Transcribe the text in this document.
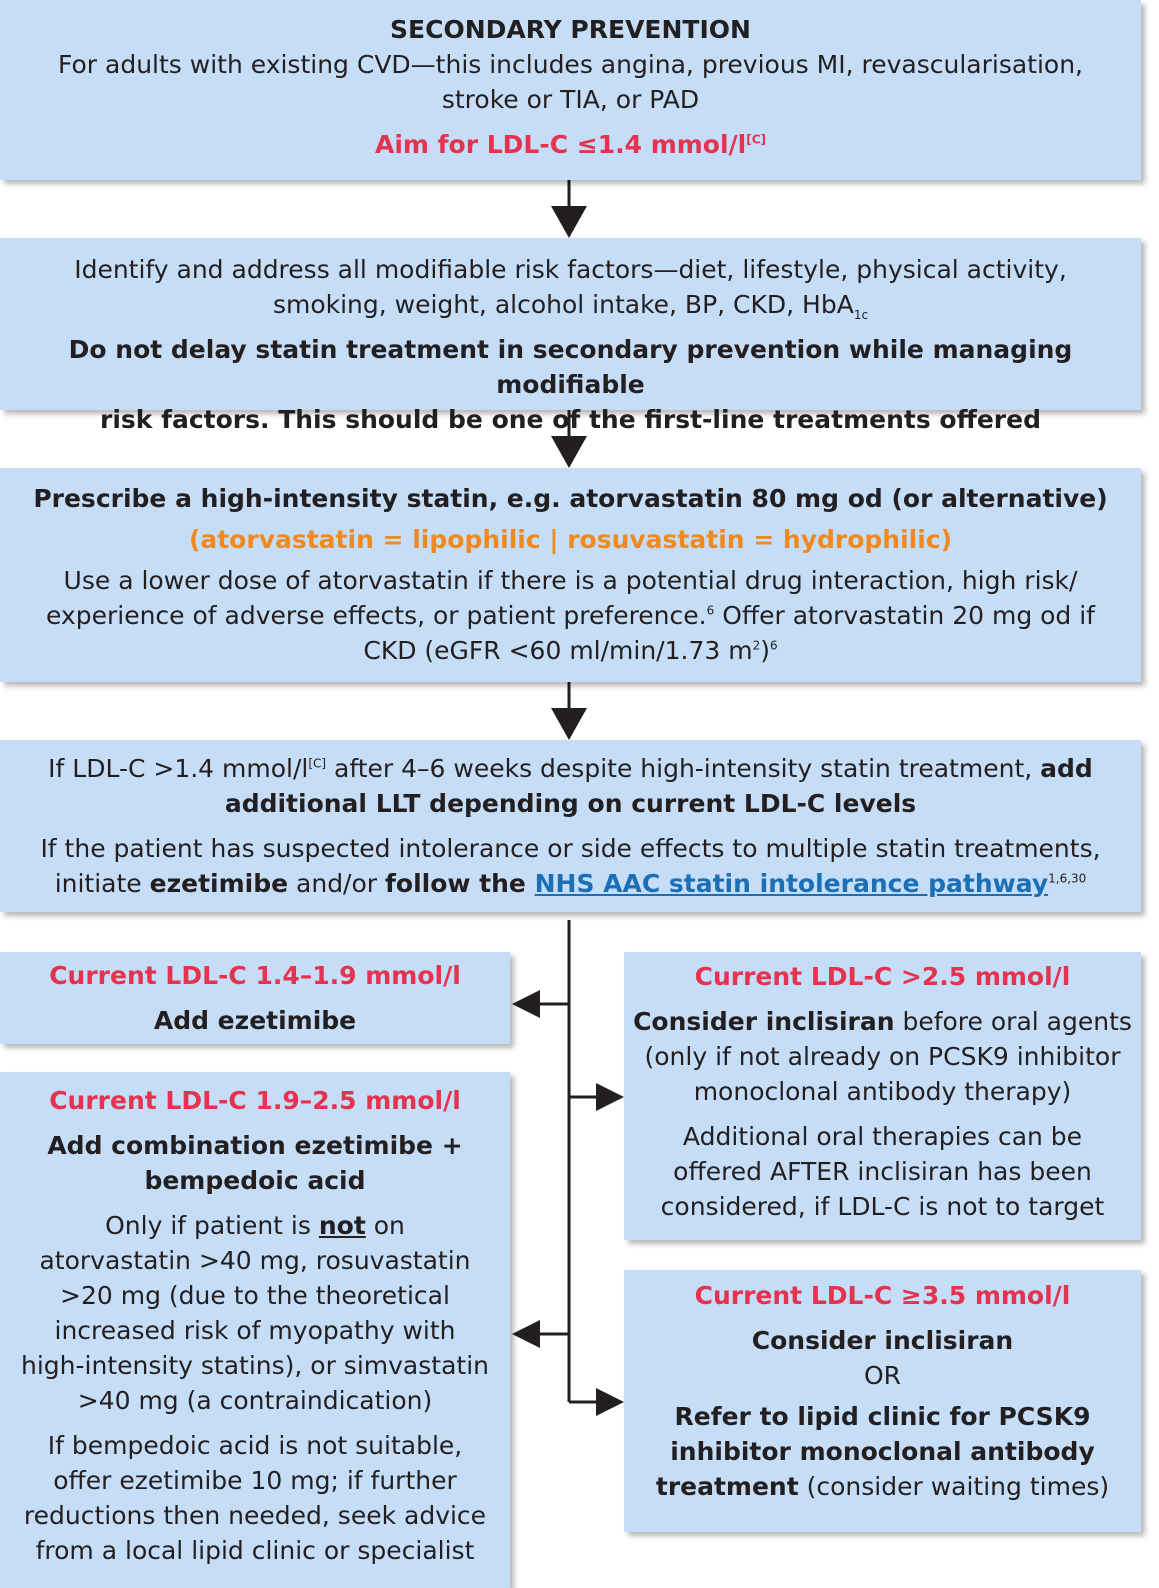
SECONDARY PREVENTION

For adults with existing CVD—this includes angina, previous MI, revascularisation,

stroke or TIA, or PAD

Aim for LDL-C ≤1.4 mmol/l[C]

Identify and address all modifiable risk factors—diet, lifestyle, physical activity,

smoking, weight, alcohol intake, BP, CKD, HbA$_{1c}$

Do not delay statin treatment in secondary prevention while managing modifiable

risk factors. This should be one of the first-line treatments offered

Prescribe a high-intensity statin, e.g. atorvastatin 80 mg od (or alternative)

(atorvastatin = lipophilic | rosuvastatin = hydrophilic)

Use a lower dose of atorvastatin if there is a potential drug interaction, high risk/

experience of adverse effects, or patient preference.$^6$ Offer atorvastatin 20 mg od if

CKD (eGFR <60 ml/min/1.73 $m^2)^6$

If LDL-C >1.4 mmol/l[C] after 4–6 weeks despite high-intensity statin treatment, add

additional LLT depending on current LDL-C levels

If the patient has suspected intolerance or side effects to multiple statin treatments,

initiate ezetimibe and/or follow the NHS AAC statin intolerance pathway$^{1,6,30}$

Current LDL-C 1.4–1.9 mmol/l

Add ezetimibe

Current LDL-C 1.9–2.5 mmol/l

Add combination ezetimibe +

bempedoic acid

Only if patient is not on

atorvastatin >40 mg, rosuvastatin

>20 mg (due to the theoretical

increased risk of myopathy with

high-intensity statins), or simvastatin

>40 mg (a contraindication)

If bempedoic acid is not suitable,

offer ezetimibe 10 mg; if further

reductions then needed, seek advice

from a local lipid clinic or specialist

Current LDL-C >2.5 mmol/l

Consider inclisiran before oral agents

(only if not already on PCSK9 inhibitor

monoclonal antibody therapy)

Additional oral therapies can be

offered AFTER inclisiran has been

considered, if LDL-C is not to target

Current LDL-C ≥3.5 mmol/l

Consider inclisiran

OR

Refer to lipid clinic for PCSK9

inhibitor monoclonal antibody

treatment (consider waiting times)
